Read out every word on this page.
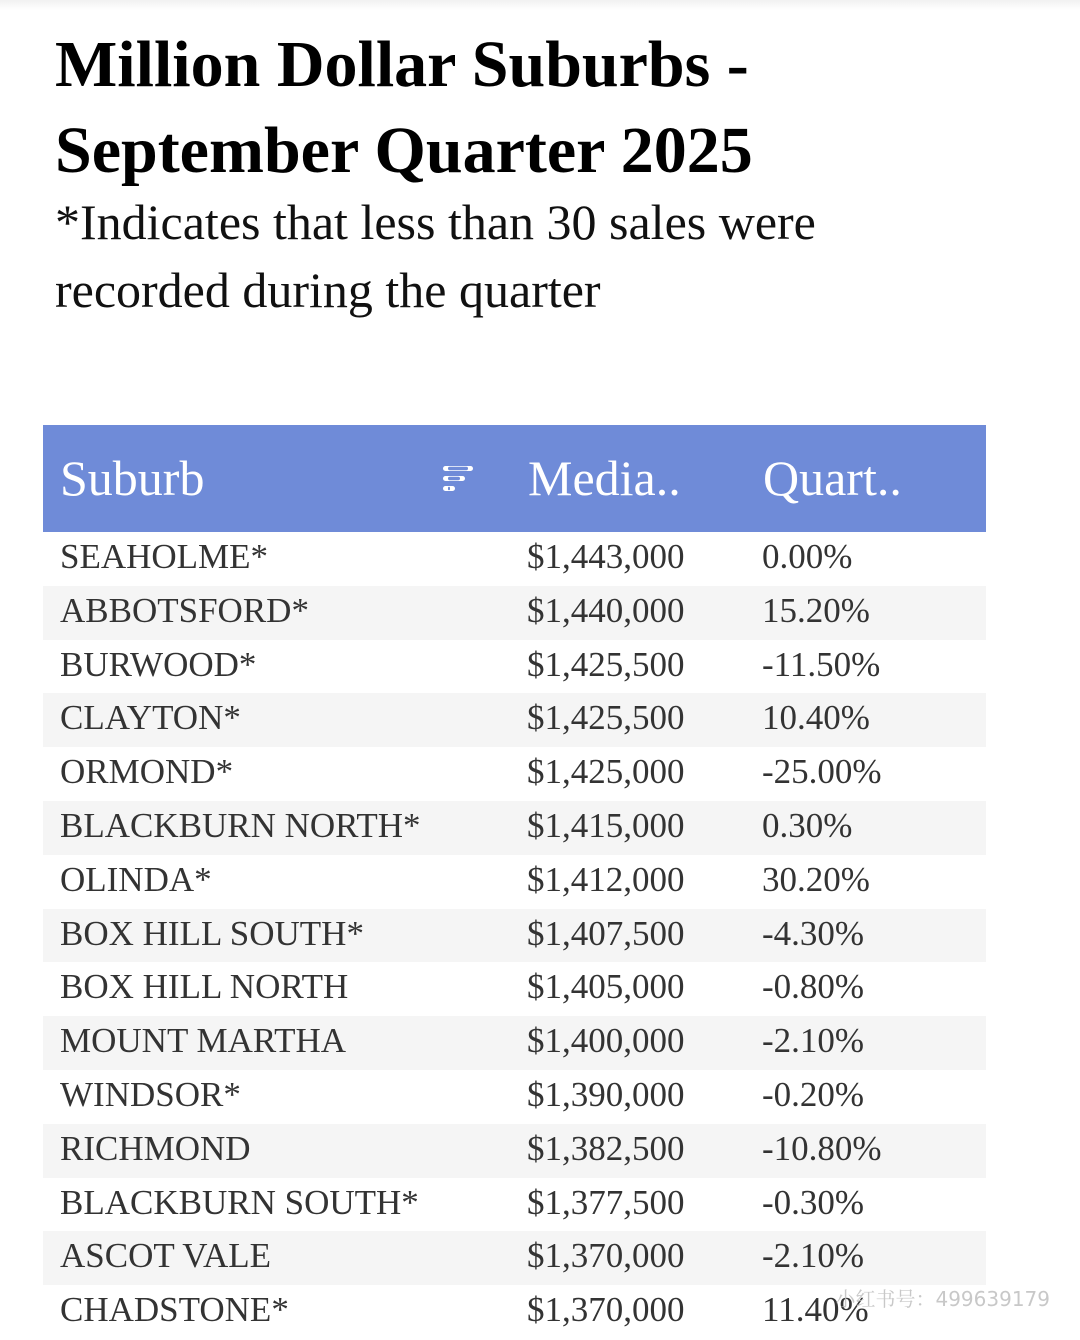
Million Dollar Suburbs -
September Quarter 2025

*Indicates that less than 30 sales were
recorded during the quarter

Suburb	Media.. Quart..
SEAHOLME*	$1,443,000 0.00%
ABBOTSFORD*	$1,440,000 15.20%
BURWOOD*	$1,425,500 -11.50%
CLAYTON*	$1,425,500 10.40%
ORMOND*	$1,425,000 -25.00%
BLACKBURN NORTH*	$1,415,000 0.30%
OLINDA*	$1,412,000 30.20%
BOX HILL SOUTH*	$1,407,500 -4.30%
BOX HILL NORTH	$1,405,000 -0.80%
MOUNT MARTHA	$1,400,000 -2.10%
WINDSOR*	$1,390,000 -0.20%
RICHMOND	$1,382,500 -10.80%
BLACKBURN SOUTH*	$1,377,500 -0.30%
ASCOT VALE	$1,370,000 -2.10%
CHADSTONE*	$1,370,000 11.40%
小红书号：499639179
